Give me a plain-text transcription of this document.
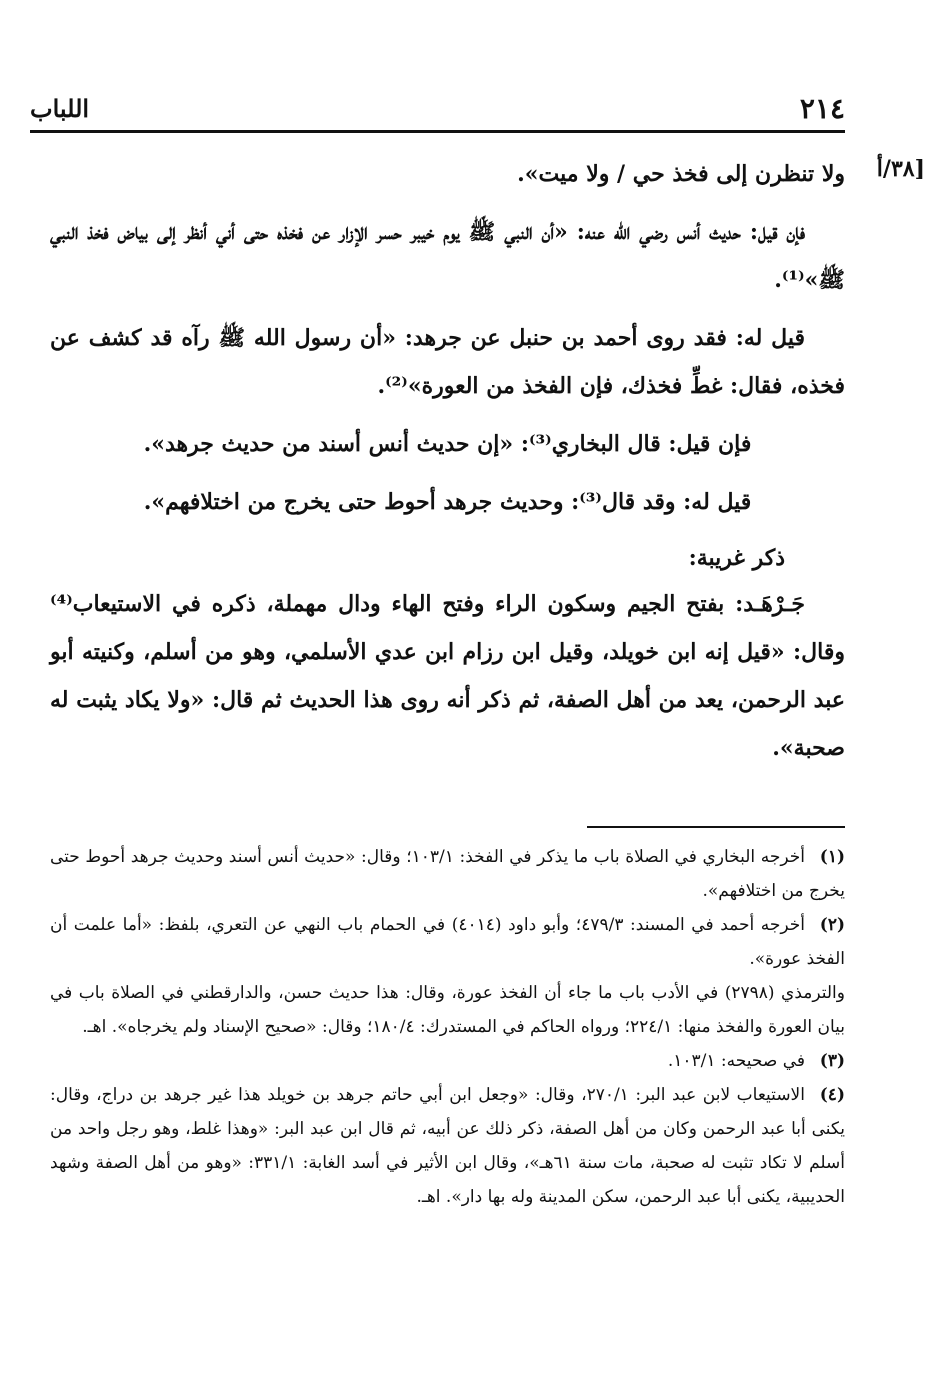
٢١٤
اللباب
٣٨/أ]

ولا تنظرن إلى فخذ حي / ولا ميت».

فإن قيل: حديث أنس رضي الله عنه: «أن النبي ﷺ يوم خيبر حسر الإزار عن فخذه حتى أني أنظر إلى بياض فخذ النبي ﷺ»⁽¹⁾.

قيل له: فقد روى أحمد بن حنبل عن جرهد: «أن رسول الله ﷺ رآه قد كشف عن فخذه، فقال: غطِّ فخذك، فإن الفخذ من العورة»⁽²⁾.

فإن قيل: قال البخاري⁽³⁾: «إن حديث أنس أسند من حديث جرهد».

قيل له: وقد قال⁽³⁾: وحديث جرهد أحوط حتى يخرج من اختلافهم».

ذكر غريبة:

جَـرْهَـد: بفتح الجيم وسكون الراء وفتح الهاء ودال مهملة، ذكره في الاستيعاب⁽⁴⁾ وقال: «قيل إنه ابن خويلد، وقيل ابن رزام ابن عدي الأسلمي، وهو من أسلم، وكنيته أبو عبد الرحمن، يعد من أهل الصفة، ثم ذكر أنه روى هذا الحديث ثم قال: «ولا يكاد يثبت له صحبة».

(١)أخرجه البخاري في الصلاة باب ما يذكر في الفخذ: ١٠٣/١؛ وقال: «حديث أنس أسند وحديث جرهد أحوط حتى يخرج من اختلافهم».

(٢)أخرجه أحمد في المسند: ٤٧٩/٣؛ وأبو داود (٤٠١٤) في الحمام باب النهي عن التعري، بلفظ: «أما علمت أن الفخذ عورة».

والترمذي (٢٧٩٨) في الأدب باب ما جاء أن الفخذ عورة، وقال: هذا حديث حسن، والدارقطني في الصلاة باب في بيان العورة والفخذ منها: ٢٢٤/١؛ ورواه الحاكم في المستدرك: ١٨٠/٤؛ وقال: «صحيح الإسناد ولم يخرجاه». اهـ.

(٣)في صحيحه: ١٠٣/١.

(٤)الاستيعاب لابن عبد البر: ٢٧٠/١، وقال: «وجعل ابن أبي حاتم جرهد بن خويلد هذا غير جرهد بن دراج، وقال: يكنى أبا عبد الرحمن وكان من أهل الصفة، ذكر ذلك عن أبيه، ثم قال ابن عبد البر: «وهذا غلط، وهو رجل واحد من أسلم لا تكاد تثبت له صحبة، مات سنة ٦١هـ»، وقال ابن الأثير في أسد الغابة: ٣٣١/١: «وهو من أهل الصفة وشهد الحديبية، يكنى أبا عبد الرحمن، سكن المدينة وله بها دار». اهـ.
